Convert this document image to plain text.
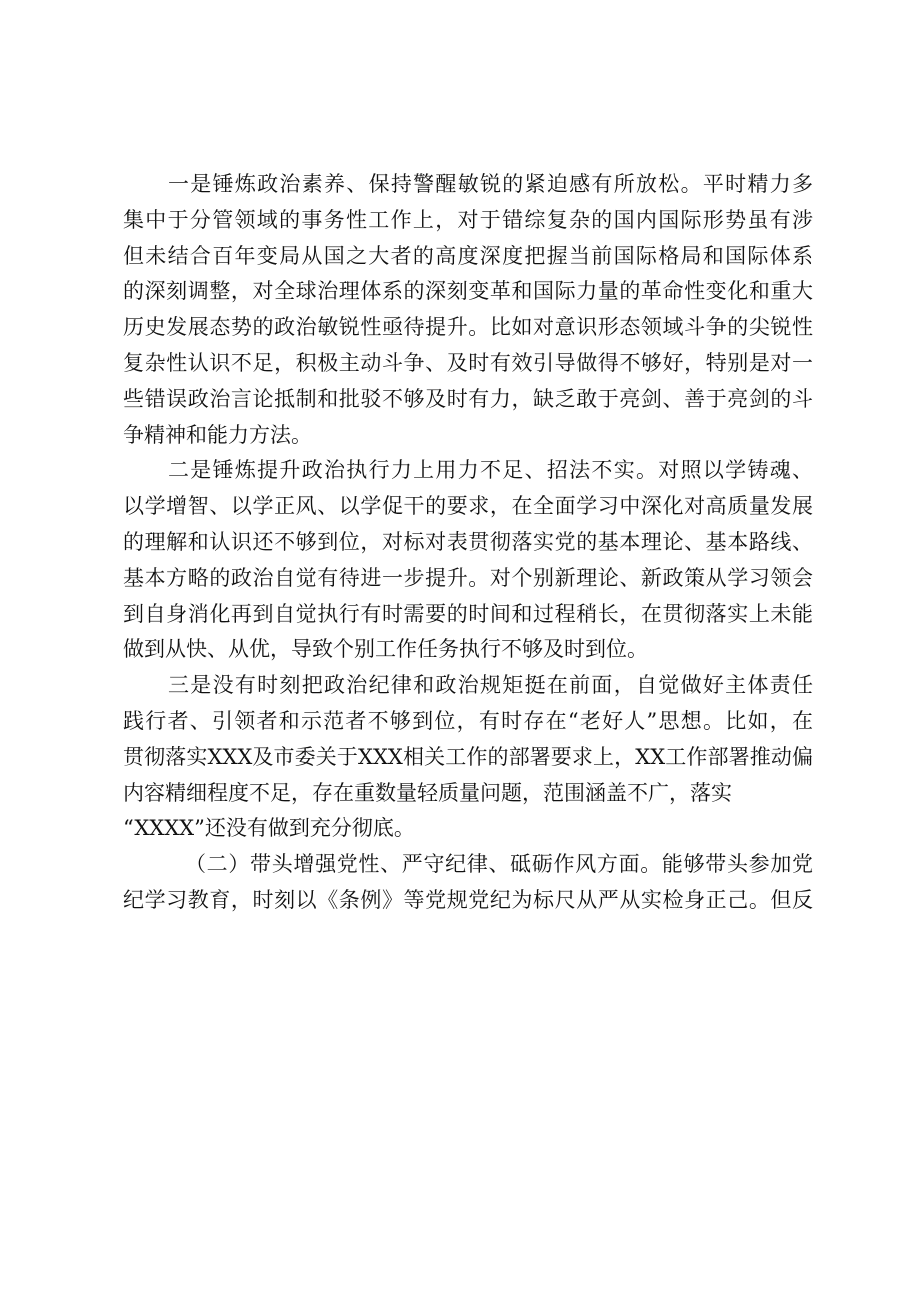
一是锤炼政治素养、保持警醒敏锐的紧迫感有所放松。平时精力多
集中于分管领域的事务性工作上，对于错综复杂的国内国际形势虽有涉
但未结合百年变局从国之大者的高度深度把握当前国际格局和国际体系
的深刻调整，对全球治理体系的深刻变革和国际力量的革命性变化和重大
历史发展态势的政治敏锐性亟待提升。比如对意识形态领域斗争的尖锐性
复杂性认识不足，积极主动斗争、及时有效引导做得不够好，特别是对一
些错误政治言论抵制和批驳不够及时有力，缺乏敢于亮剑、善于亮剑的斗
争精神和能力方法。

二是锤炼提升政治执行力上用力不足、招法不实。对照以学铸魂、
以学增智、以学正风、以学促干的要求，在全面学习中深化对高质量发展
的理解和认识还不够到位，对标对表贯彻落实党的基本理论、基本路线、
基本方略的政治自觉有待进一步提升。对个别新理论、新政策从学习领会
到自身消化再到自觉执行有时需要的时间和过程稍长，在贯彻落实上未能
做到从快、从优，导致个别工作任务执行不够及时到位。

三是没有时刻把政治纪律和政治规矩挺在前面，自觉做好主体责任
践行者、引领者和示范者不够到位，有时存在“老好人”思想。比如，在
贯彻落实XXX及市委关于XXX相关工作的部署要求上，XX工作部署推动偏
内容精细程度不足，存在重数量轻质量问题，范围涵盖不广，落实
“XXXX”还没有做到充分彻底。

（二）带头增强党性、严守纪律、砥砺作风方面。能够带头参加党
纪学习教育，时刻以《条例》等党规党纪为标尺从严从实检身正己。但反
